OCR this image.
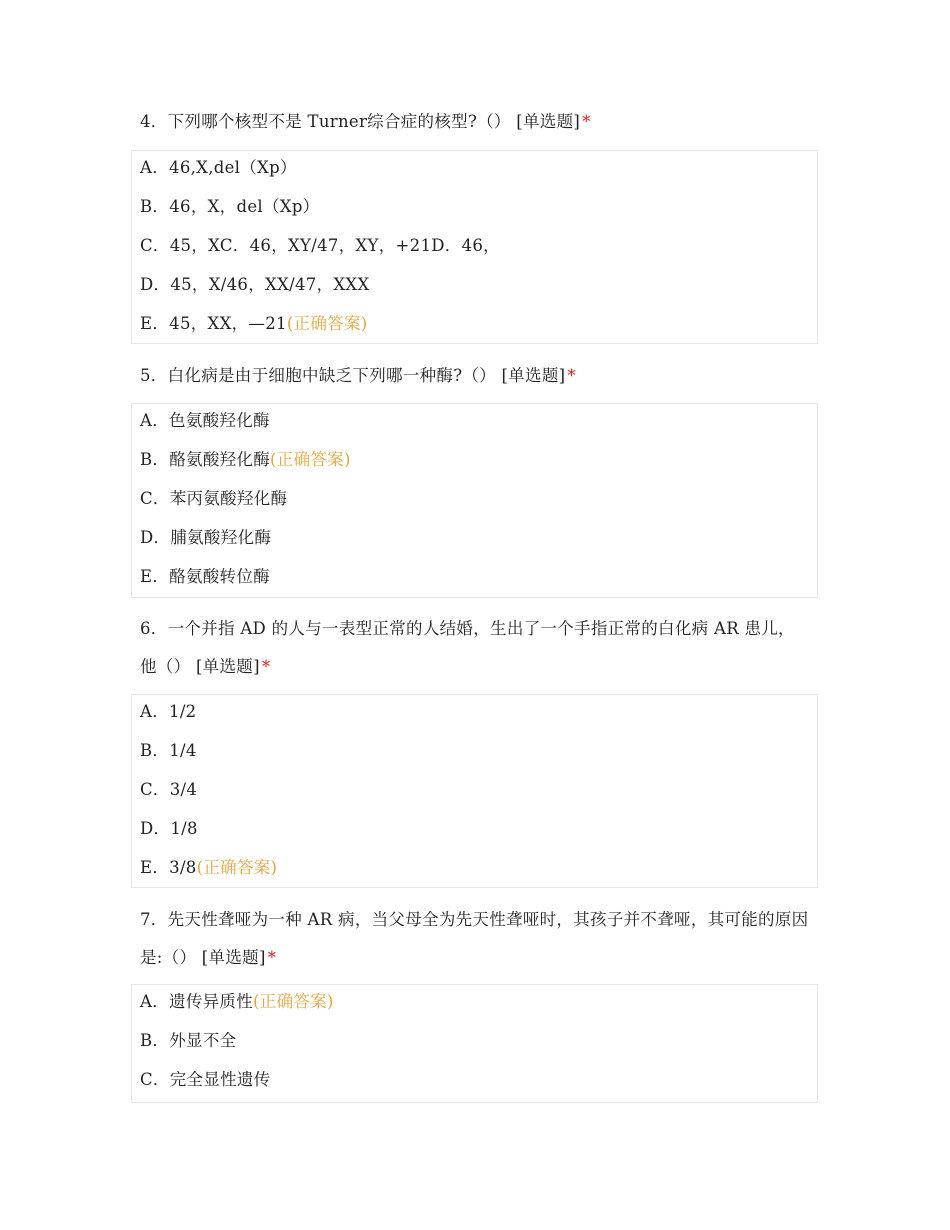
4．下列哪个核型不是 Turner综合症的核型?（） [单选题] *
A．46,X,del（Xp）
B．46，X，del（Xp）
C．45，XC．46，XY/47，XY，+21D．46，
D．45，X/46，XX/47，XXX
E．45，XX，—21(正确答案)
5．白化病是由于细胞中缺乏下列哪一种酶?（） [单选题] *
A．色氨酸羟化酶
B．酪氨酸羟化酶(正确答案)
C．苯丙氨酸羟化酶
D．脯氨酸羟化酶
E．酪氨酸转位酶
6．一个并指 AD 的人与一表型正常的人结婚，生出了一个手指正常的白化病 AR 患儿，他（） [单选题] *
A．1/2
B．1/4
C．3/4
D．1/8
E．3/8(正确答案)
7．先天性聋哑为一种 AR 病，当父母全为先天性聋哑时，其孩子并不聋哑，其可能的原因是:（） [单选题] *
A．遗传异质性(正确答案)
B．外显不全
C．完全显性遗传
